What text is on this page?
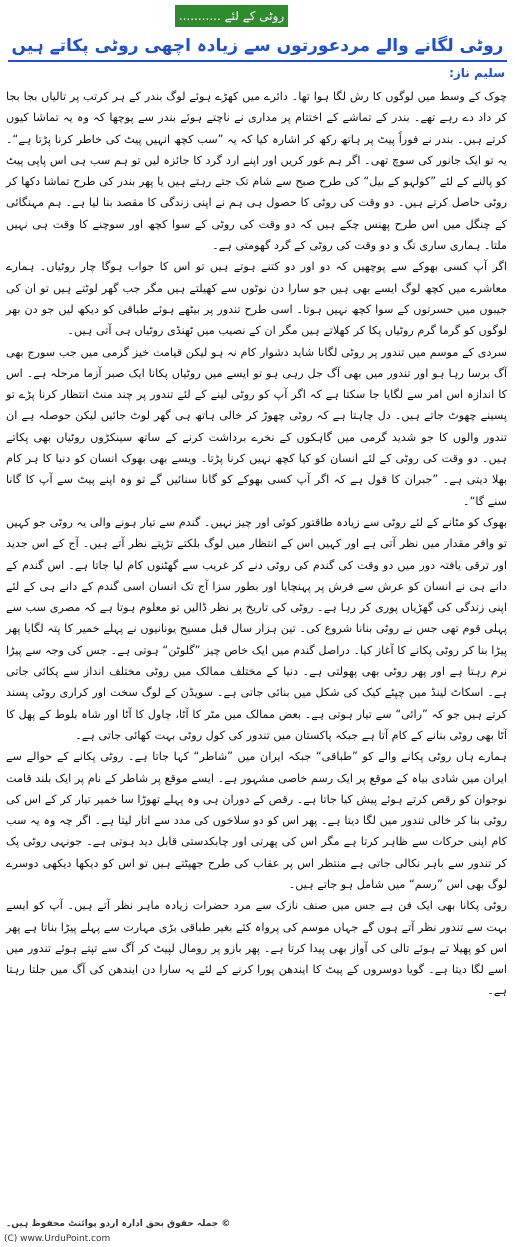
روٹی کے لئے ...........
روٹی لگانے والے مردعورتوں سے زیادہ اچھی روٹی پکاتے ہیں
سلیم ناز:

چوک کے وسط میں لوگوں کا رش لگا ہوا تھا۔ دائرے میں کھڑے ہوئے لوگ بندر کے ہر کرتب پر تالیاں بجا بجا کر داد دے رہے تھے۔ بندر کے تماشے کے اختتام پر مداری نے ناچتے ہوئے بندر سے پوچھا کہ وہ یہ تماشا کیوں کرتے ہیں۔ بندر نے فوراً پیٹ پر ہاتھ رکھ کر اشارہ کیا کہ یہ ”سب کچھ انہیں پیٹ کی خاطر کرنا پڑتا ہے“۔ یہ تو ایک جانور کی سوچ تھی۔ اگر ہم غور کریں اور اپنے ارد گرد کا جائزہ لیں تو ہم سب ہی اس پاپی پیٹ کو پالنے کے لئے ”کولہو کے بیل“ کی طرح صبح سے شام تک جتے رہتے ہیں یا پھر بندر کی طرح تماشا دکھا کر روٹی حاصل کرتے ہیں۔ دو وقت کی روٹی کا حصول ہی ہم نے اپنی زندگی کا مقصد بنا لیا ہے۔ ہم مہنگائی کے چنگل میں اس طرح پھنس چکے ہیں کہ دو وقت کی روٹی کے سوا کچھ اور سوچنے کا وقت ہی نہیں ملتا۔ ہماری ساری تگ و دو وقت کی روٹی کے گرد گھومتی ہے۔

اگر آپ کسی بھوکے سے پوچھیں کہ دو اور دو کتنے ہوتے ہیں تو اس کا جواب ہوگا چار روٹیاں۔ ہمارے معاشرے میں کچھ لوگ ایسے بھی ہیں جو سارا دن نوٹوں سے کھیلتے ہیں مگر جب گھر لوٹتے ہیں تو ان کی جیبوں میں حسرتوں کے سوا کچھ نہیں ہوتا۔ اسی طرح تندور پر بیٹھے ہوئے طباقی کو دیکھ لیں جو دن بھر لوگوں کو گرما گرم روٹیاں پکا کر کھلاتے ہیں مگر ان کے نصیب میں ٹھنڈی روٹیاں ہی آتی ہیں۔

سردی کے موسم میں تندور پر روٹی لگانا شاید دشوار کام نہ ہو لیکن قیامت خیز گرمی میں جب سورج بھی آگ برسا رہا ہو اور تندور میں بھی آگ جل رہی ہو تو ایسے میں روٹیاں پکانا ایک صبر آزما مرحلہ ہے۔ اس کا اندازہ اس امر سے لگایا جا سکتا ہے کہ اگر آپ کو روٹی لینے کے لئے تندور پر چند منٹ انتظار کرنا پڑے تو پسینے چھوٹ جاتے ہیں۔ دل چاہتا ہے کہ روٹی چھوڑ کر خالی ہاتھ ہی گھر لوٹ جائیں لیکن حوصلہ ہے ان تندور والوں کا جو شدید گرمی میں گاہکوں کے نخرے برداشت کرنے کے ساتھ سینکڑوں روٹیاں بھی پکاتے ہیں۔ دو وقت کی روٹی کے لئے انسان کو کیا کچھ نہیں کرنا پڑتا۔ ویسے بھی بھوک انسان کو دنیا کا ہر کام بھلا دیتی ہے۔ ”جبران کا قول ہے کہ اگر آپ کسی بھوکے کو گانا سنائیں گے تو وہ اپنے پیٹ سے آپ کا گانا سنے گا“۔

بھوک کو مٹانے کے لئے روٹی سے زیادہ طاقتور کوئی اور چیز نہیں۔ گندم سے تیار ہونے والی یہ روٹی جو کہیں تو وافر مقدار میں نظر آتی ہے اور کہیں اس کے انتظار میں لوگ بلکتے تڑپتے نظر آتے ہیں۔ آج کے اس جدید اور ترقی یافتہ دور میں دو وقت کی گندم کی روٹی دنے کر غریب سے گھٹنوں کام لیا جاتا ہے۔ اس گندم کے دانے ہی نے انسان کو عرش سے فرش پر پہنچایا اور بطور سزا آج تک انسان اسی گندم کے دانے ہی کے لئے اپنی زندگی کی گھڑیاں پوری کر رہا ہے۔ روٹی کی تاریخ پر نظر ڈالیں تو معلوم ہوتا ہے کہ مصری سب سے پہلی قوم تھی جس نے روٹی بنانا شروع کی۔ تین ہزار سال قبل مسیح یونانیوں نے پہلے خمیر کا پتہ لگایا پھر پیڑا بنا کر روٹی پکانے کا آغاز کیا۔ دراصل گندم میں ایک خاص چیز ”گلوٹن“ ہوتی ہے۔ جس کی وجہ سے پیڑا نرم رہتا ہے اور پھر روٹی بھی پھولتی ہے۔ دنیا کے مختلف ممالک میں روٹی مختلف انداز سے پکائی جاتی ہے۔ اسکاٹ لینڈ میں چپٹے کیک کی شکل میں بنائی جاتی ہے۔ سویڈن کے لوگ سخت اور کراری روٹی پسند کرتے ہیں جو کہ ”رائی“ سے تیار ہوتی ہے۔ بعض ممالک میں مٹر کا آٹا، چاول کا آٹا اور شاہ بلوط کے پھل کا آٹا بھی روٹی بنانے کے کام آتا ہے جبکہ پاکستان میں تندور کی کول روٹی بہت کھائی جاتی ہے۔

ہمارے ہاں روٹی پکانے والے کو ”طباقی“ جبکہ ایران میں ”شاطر“ کہا جاتا ہے۔ روٹی پکانے کے حوالے سے ایران میں شادی بیاہ کے موقع پر ایک رسم خاصی مشہور ہے۔ ایسے موقع پر شاطر کے نام پر ایک بلند قامت نوجوان کو رقص کرتے ہوئے پیش کیا جاتا ہے۔ رقص کے دوران ہی وہ پہلے تھوڑا سا خمیر تیار کر کے اس کی روٹی بنا کر خالی تندور میں لگا دیتا ہے۔ پھر اس کو دو سلاخوں کی مدد سے اتار لیتا ہے۔ اگر چہ وہ یہ سب کام اپنی حرکات سے ظاہر کرتا ہے مگر اس کی پھرتی اور چابکدستی قابل دید ہوتی ہے۔ جونہی روٹی پک کر تندور سے باہر نکالی جاتی ہے منتظر اس پر عقاب کی طرح جھپٹتے ہیں تو اس کو دیکھا دیکھی دوسرے لوگ بھی اس ”رسم“ میں شامل ہو جاتے ہیں۔

روٹی پکانا بھی ایک فن ہے جس میں صنف نازک سے مرد حضرات زیادہ ماہر نظر آتے ہیں۔ آپ کو ایسے بہت سے تندور نظر آتے ہوں گے جہاں موسم کی پرواہ کئے بغیر طباقی بڑی مہارت سے پہلے پیڑا بناتا ہے پھر اس کو پھیلا تے ہوئے تالی کی آواز بھی پیدا کرتا ہے۔ پھر بازو پر رومال لپیٹ کر آگ سے تپتے ہوئے تندور میں اسے لگا دیتا ہے۔ گویا دوسروں کے پیٹ کا ایندھن پورا کرنے کے لئے یہ سارا دن ایندھن کی آگ میں جلتا رہتا ہے۔

© جملہ حقوق بحق ادارہ اردو پوائنٹ محفوظ ہیں۔
(C) www.UrduPoint.com
